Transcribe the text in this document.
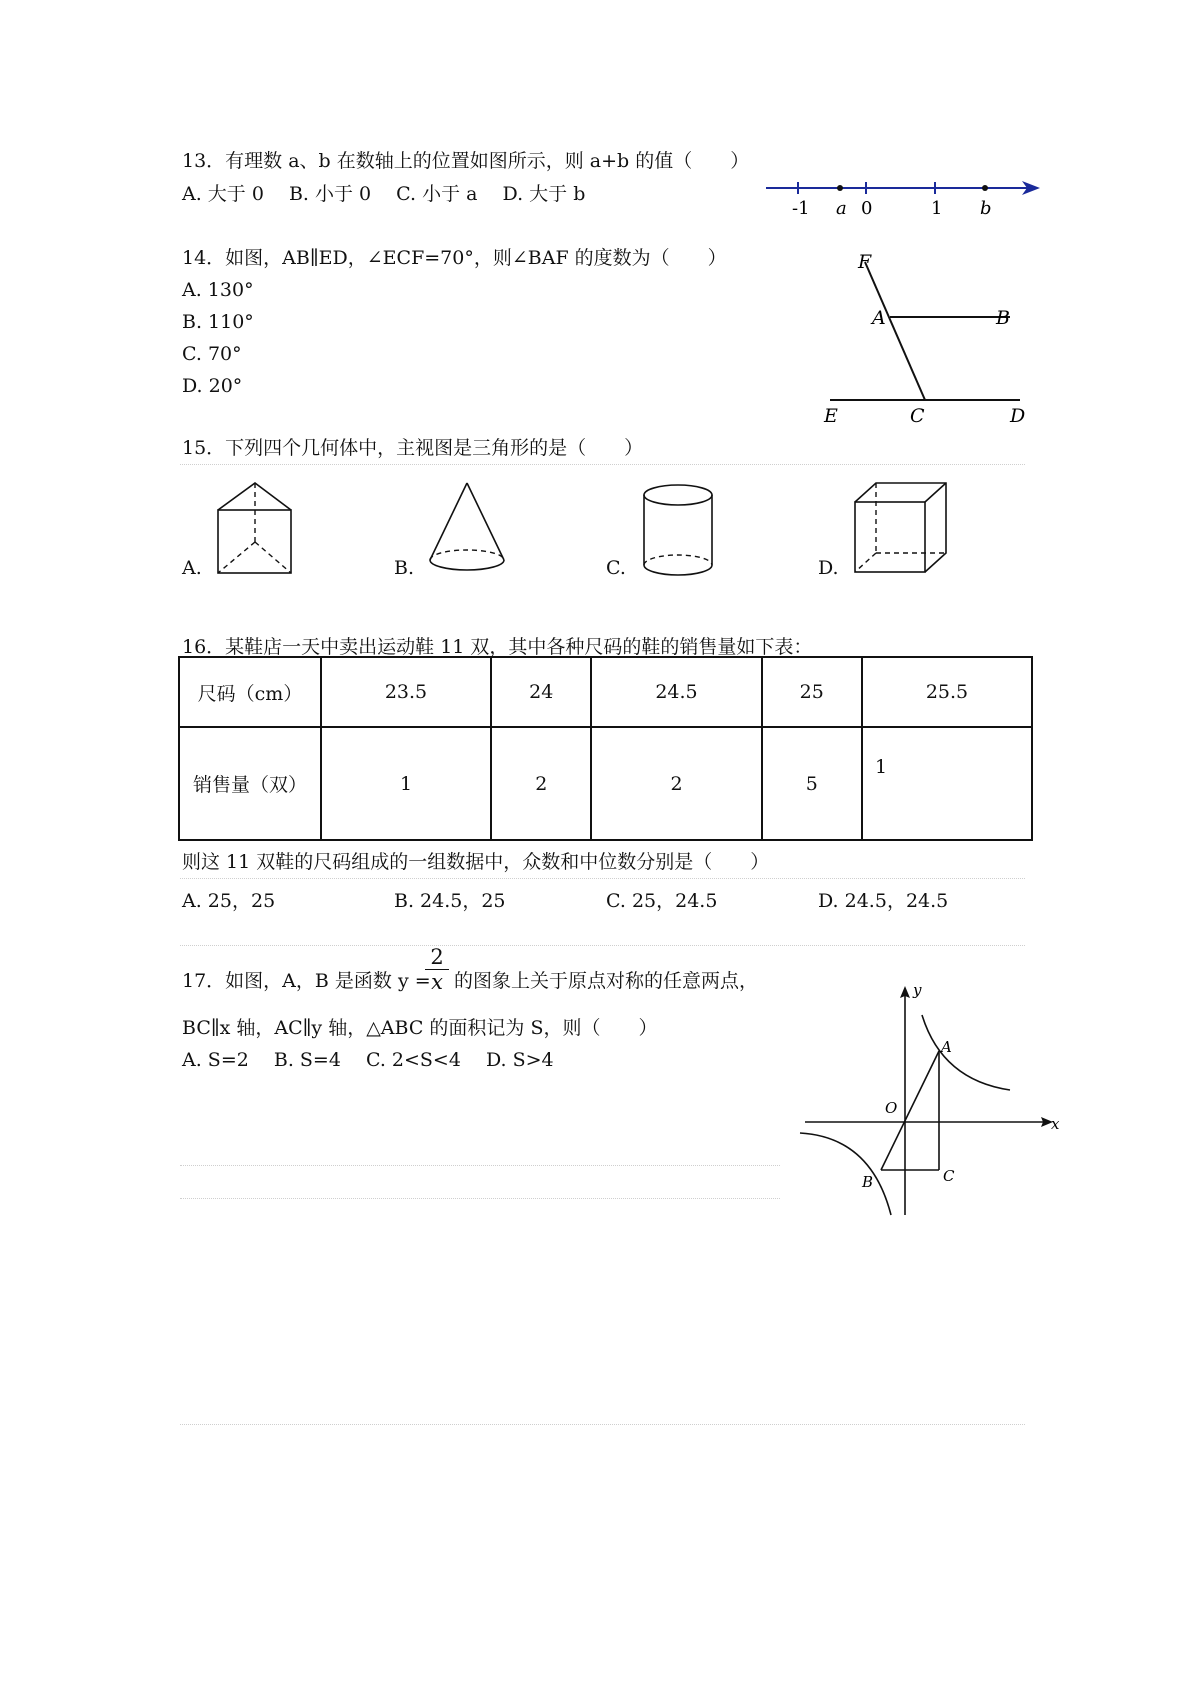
13．有理数 a、b 在数轴上的位置如图所示，则 a+b 的值（　　）
A. 大于 0　 B. 小于 0　 C. 小于 a　 D. 大于 b
-1 a 0	1 b
14．如图，AB∥ED，∠ECF=70°，则∠BAF 的度数为（　　）
A. 130°
B. 110°
C. 70°
D. 20°
F
A	B
E	C	D
15．下列四个几何体中，主视图是三角形的是（　　）
A.	B.	C.	D.
16．某鞋店一天中卖出运动鞋 11 双，其中各种尺码的鞋的销售量如下表：
尺码（cm）	23.5	24	24.5	25	25.5
销售量（双）	1	2	2	5	1
则这 11 双鞋的尺码组成的一组数据中，众数和中位数分别是（　　）
A. 25，25	B. 24.5，25	C. 25，24.5	D. 24.5，24.5
17．如图，A，B 是函数 y =
$\frac{2}{x}$ 的图象上关于原点对称的任意两点，
BC∥x 轴，AC∥y 轴，△ABC 的面积记为 S，则（　　）
A. S=2　 B. S=4　 C. 2<S<4　 D. S>4
y
A
O
x
B	C
